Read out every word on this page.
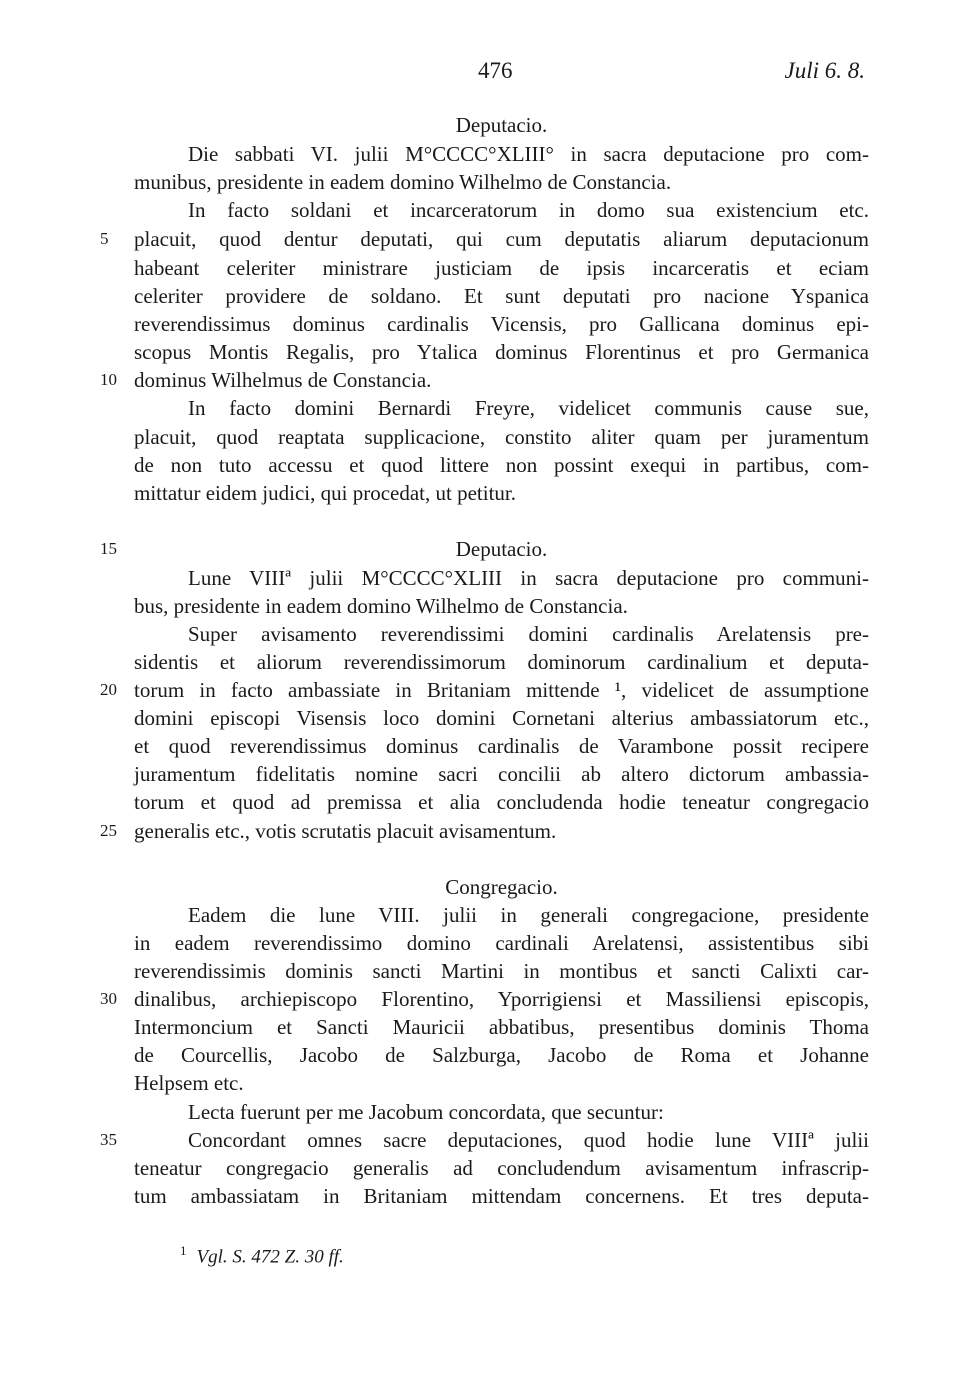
476	Juli 6. 8.
Deputacio.
Die sabbati VI. julii M°CCCC°XLIII° in sacra deputacione pro com-
munibus, presidente in eadem domino Wilhelmo de Constancia.
In facto soldani et incarceratorum in domo sua existencium etc.
5	placuit, quod dentur deputati, qui cum deputatis aliarum deputacionum
habeant celeriter ministrare justiciam de ipsis incarceratis et eciam
celeriter providere de soldano. Et sunt deputati pro nacione Yspanica
reverendissimus dominus cardinalis Vicensis, pro Gallicana dominus epi-
scopus Montis Regalis, pro Ytalica dominus Florentinus et pro Germanica
10 dominus Wilhelmus de Constancia.
In facto domini Bernardi Freyre, videlicet communis cause sue,
placuit, quod reaptata supplicacione, constito aliter quam per juramentum
de non tuto accessu et quod littere non possint exequi in partibus, com-
mittatur eidem judici, qui procedat, ut petitur.
15	Deputacio.
Lune VIIIª julii M°CCCC°XLIII in sacra deputacione pro communi-
bus, presidente in eadem domino Wilhelmo de Constancia.
Super avisamento reverendissimi domini cardinalis Arelatensis pre-
sidentis et aliorum reverendissimorum dominorum cardinalium et deputa-
20 torum in facto ambassiate in Britaniam mittende ¹, videlicet de assumptione
domini episcopi Visensis loco domini Cornetani alterius ambassiatorum etc.,
et quod reverendissimus dominus cardinalis de Varambone possit recipere
juramentum fidelitatis nomine sacri concilii ab altero dictorum ambassia-
torum et quod ad premissa et alia concludenda hodie teneatur congregacio
25 generalis etc., votis scrutatis placuit avisamentum.
Congregacio.
Eadem die lune VIII. julii in generali congregacione, presidente
in eadem reverendissimo domino cardinali Arelatensi, assistentibus sibi
reverendissimis dominis sancti Martini in montibus et sancti Calixti car-
30 dinalibus, archiepiscopo Florentino, Yporrigiensi et Massiliensi episcopis,
Intermoncium et Sancti Mauricii abbatibus, presentibus dominis Thoma
de Courcellis, Jacobo de Salzburga, Jacobo de Roma et Johanne
Helpsem etc.
Lecta fuerunt per me Jacobum concordata, que secuntur:
35	Concordant omnes sacre deputaciones, quod hodie lune VIIIª julii
teneatur congregacio generalis ad concludendum avisamentum infrascrip-
tum ambassiatam in Britaniam mittendam concernens. Et tres deputa-
$^1$ Vgl. S. 472 Z. 30 ff.
